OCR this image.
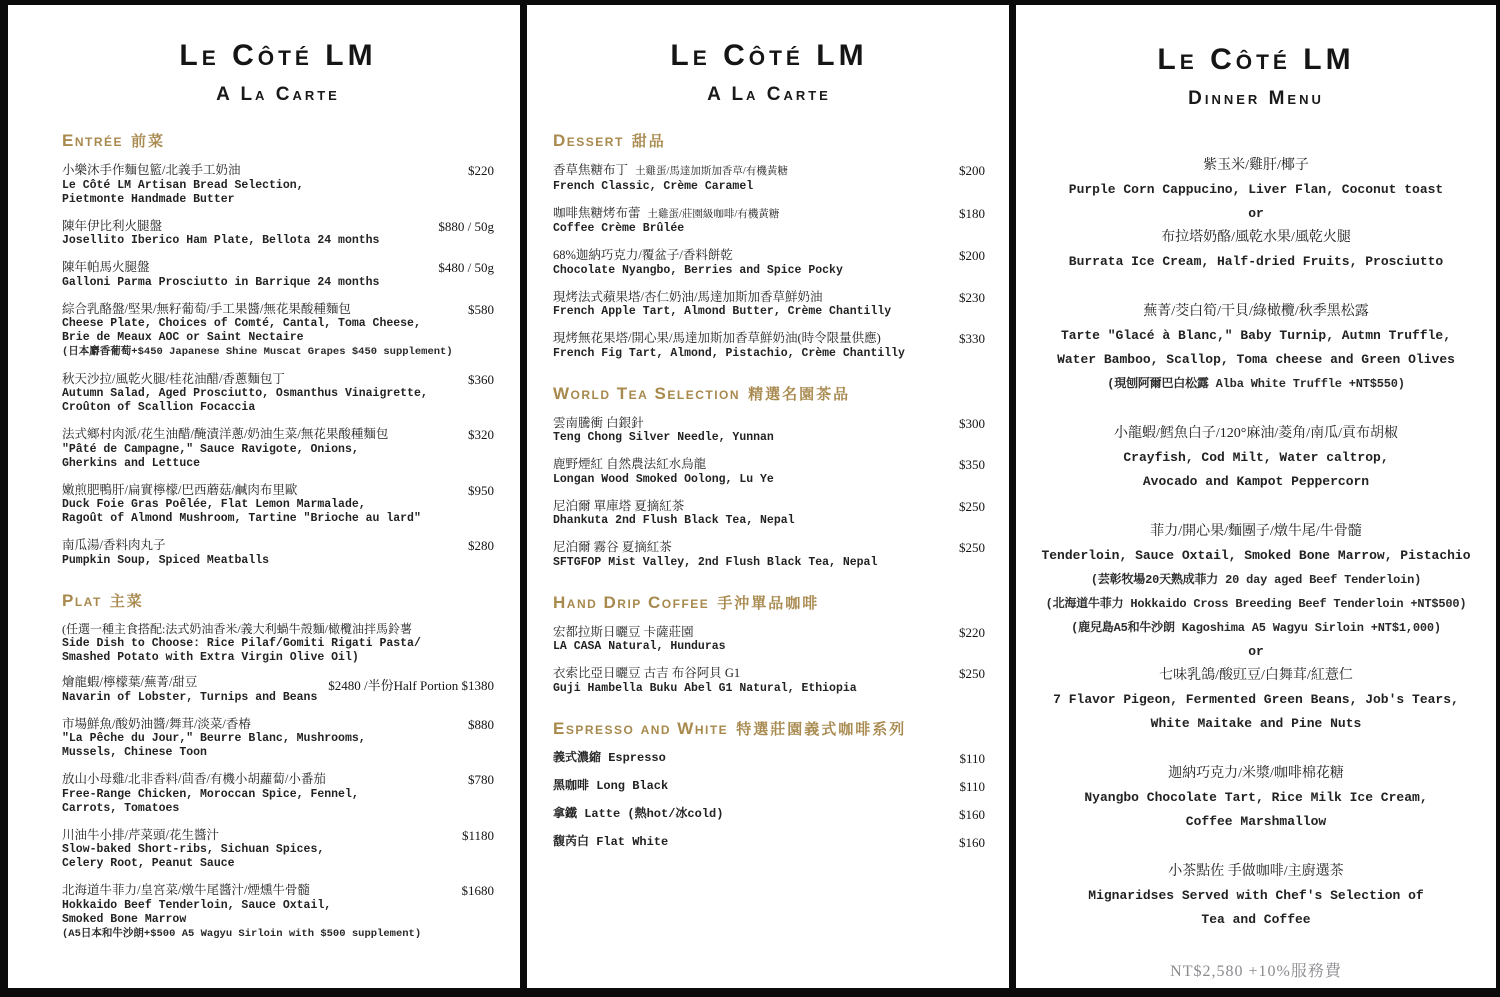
Le Côté LM
A La Carte
Entrée 前菜
小樂沐手作麵包籃/北義手工奶油
Le Côté LM Artisan Bread Selection,
Pietmonte Handmade Butter
$220
陳年伊比利火腿盤
Josellito Iberico Ham Plate, Bellota 24 months
$880 / 50g
陳年帕馬火腿盤
Galloni Parma Prosciutto in Barrique 24 months
$480 / 50g
綜合乳酪盤/堅果/無籽葡萄/手工果醬/無花果酸種麵包
Cheese Plate, Choices of Comté, Cantal, Toma Cheese,
Brie de Meaux AOC or Saint Nectaire
(日本麝香葡萄+$450 Japanese Shine Muscat Grapes $450 supplement)
$580
秋天沙拉/風乾火腿/桂花油醋/香蔥麵包丁
Autumn Salad, Aged Prosciutto, Osmanthus Vinaigrette,
Croûton of Scallion Focaccia
$360
法式鄉村肉派/花生油醋/醃漬洋蔥/奶油生菜/無花果酸種麵包
"Pâté de Campagne," Sauce Ravigote, Onions,
Gherkins and Lettuce
$320
嫩煎肥鴨肝/扁實檸檬/巴西蘑菇/鹹肉布里歐
Duck Foie Gras Poêlée, Flat Lemon Marmalade,
Ragoût of Almond Mushroom, Tartine "Brioche au lard"
$950
南瓜湯/香料肉丸子
Pumpkin Soup, Spiced Meatballs
$280
Plat 主菜
(任選一種主食搭配:法式奶油香米/義大利蝸牛殼麵/橄欖油拌馬鈴薯
Side Dish to Choose: Rice Pilaf/Gomiti Rigati Pasta/
Smashed Potato with Extra Virgin Olive Oil)
燴龍蝦/檸檬葉/蕪菁/甜豆
Navarin of Lobster, Turnips and Beans
$2480 /半份Half Portion $1380
市場鮮魚/酸奶油醬/舞茸/淡菜/香椿
"La Pêche du Jour," Beurre Blanc, Mushrooms,
Mussels, Chinese Toon
$880
放山小母雞/北非香料/茴香/有機小胡蘿蔔/小番茄
Free-Range Chicken, Moroccan Spice, Fennel,
Carrots, Tomatoes
$780
川油牛小排/芹菜頭/花生醬汁
Slow-baked Short-ribs, Sichuan Spices,
Celery Root, Peanut Sauce
$1180
北海道牛菲力/皇宮菜/燉牛尾醬汁/煙燻牛骨髓
Hokkaido Beef Tenderloin, Sauce Oxtail,
Smoked Bone Marrow
(A5日本和牛沙朗+$500 A5 Wagyu Sirloin with $500 supplement)
$1680
Le Côté LM
A La Carte
Dessert 甜品
香草焦糖布丁 土雞蛋/馬達加斯加香草/有機黃糖
French Classic, Crème Caramel
$200
咖啡焦糖烤布蕾 土雞蛋/莊園級咖啡/有機黃糖
Coffee Crème Brûlée
$180
68%迦納巧克力/覆盆子/香料餅乾
Chocolate Nyangbo, Berries and Spice Pocky
$200
現烤法式蘋果塔/杏仁奶油/馬達加斯加香草鮮奶油
French Apple Tart, Almond Butter, Crème Chantilly
$230
現烤無花果塔/開心果/馬達加斯加香草鮮奶油(時令限量供應)
French Fig Tart, Almond, Pistachio, Crème Chantilly
$330
World Tea Selection 精選名園茶品
雲南騰衝 白銀針
Teng Chong Silver Needle, Yunnan
$300
鹿野煙紅 自然農法紅水烏龍
Longan Wood Smoked Oolong, Lu Ye
$350
尼泊爾 單庫塔 夏摘紅茶
Dhankuta 2nd Flush Black Tea, Nepal
$250
尼泊爾 霧谷 夏摘紅茶
SFTGFOP Mist Valley, 2nd Flush Black Tea, Nepal
$250
Hand Drip Coffee 手沖單品咖啡
宏都拉斯日曬豆 卡薩莊園
LA CASA Natural, Hunduras
$220
衣索比亞日曬豆 古吉 布谷阿貝 G1
Guji Hambella Buku Abel G1 Natural, Ethiopia
$250
Espresso and White 特選莊園義式咖啡系列
義式濃縮 Espresso	$110
黑咖啡 Long Black	$110
拿鐵 Latte (熱hot/冰cold)	$160
馥芮白 Flat White	$160
Le Côté LM
Dinner Menu
紫玉米/雞肝/椰子
Purple Corn Cappucino, Liver Flan, Coconut toast
or
布拉塔奶酪/風乾水果/風乾火腿
Burrata Ice Cream, Half-dried Fruits, Prosciutto
蕪菁/茭白筍/干貝/綠橄欖/秋季黑松露
Tarte "Glacé à Blanc," Baby Turnip, Autmn Truffle,
Water Bamboo, Scallop, Toma cheese and Green Olives
(現刨阿爾巴白松露 Alba White Truffle +NT$550)
小龍蝦/鱈魚白子/120°麻油/菱角/南瓜/貢布胡椒
Crayfish, Cod Milt, Water caltrop,
Avocado and Kampot Peppercorn
菲力/開心果/麵團子/燉牛尾/牛骨髓
Tenderloin, Sauce Oxtail, Smoked Bone Marrow, Pistachio
(芸彰牧場20天熟成菲力 20 day aged Beef Tenderloin)
(北海道牛菲力 Hokkaido Cross Breeding Beef Tenderloin +NT$500)
(鹿兒島A5和牛沙朗 Kagoshima A5 Wagyu Sirloin +NT$1,000)
or
七味乳鴿/酸豇豆/白舞茸/紅薏仁
7 Flavor Pigeon, Fermented Green Beans, Job's Tears,
White Maitake and Pine Nuts
迦納巧克力/米漿/咖啡棉花糖
Nyangbo Chocolate Tart, Rice Milk Ice Cream,
Coffee Marshmallow
小茶點佐 手做咖啡/主廚選茶
Mignaridses Served with Chef's Selection of
Tea and Coffee
NT$2,580 +10%服務費
